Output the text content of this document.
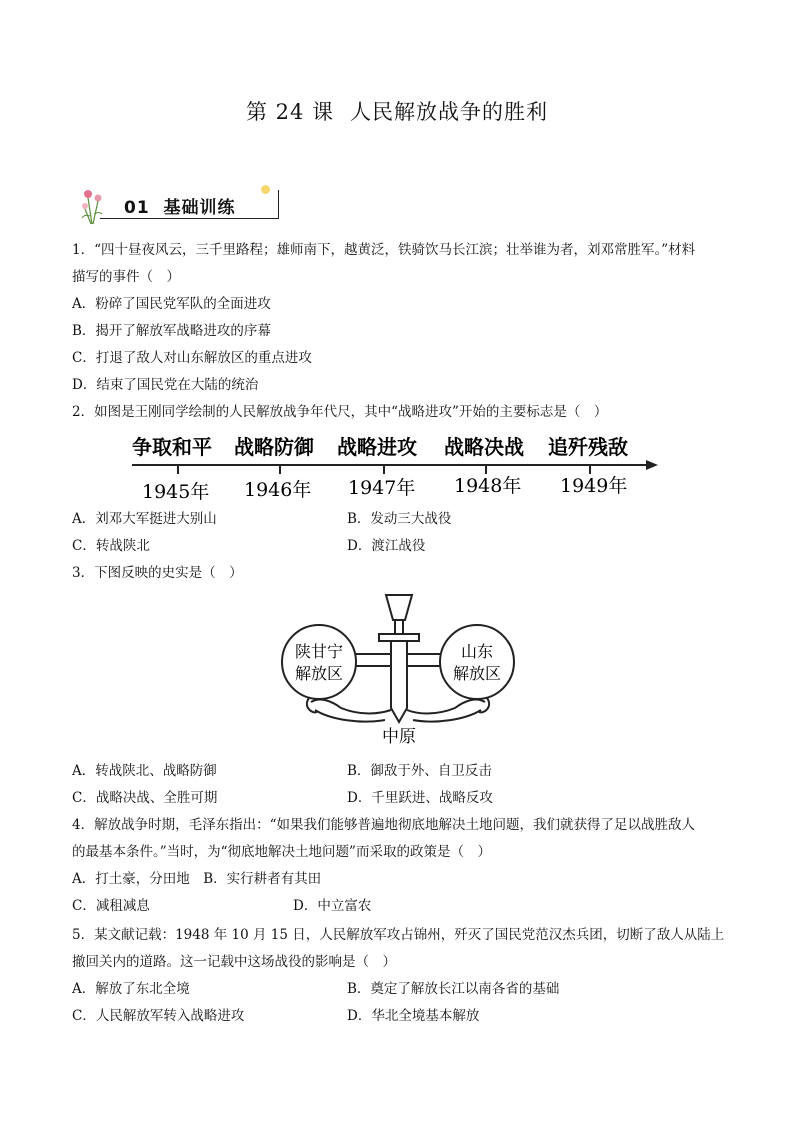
第 24 课 人民解放战争的胜利
01 基础训练
1．“四十昼夜风云，三千里路程；雄师南下，越黄泛，铁骑饮马长江滨；壮举谁为者，刘邓常胜军。”材料
描写的事件（　）
A．粉碎了国民党军队的全面进攻
B．揭开了解放军战略进攻的序幕
C．打退了敌人对山东解放区的重点进攻
D．结束了国民党在大陆的统治
2．如图是王刚同学绘制的人民解放战争年代尺，其中“战略进攻”开始的主要标志是（　）
争取和平 战略防御 战略进攻 战略决战 追歼残敌
1945年 1946年 1947年 1948年 1949年
A．刘邓大军挺进大别山	B．发动三大战役
C．转战陕北	D．渡江战役
3．下图反映的史实是（　）
陕甘宁
解放区
山东
解放区
中原
A．转战陕北、战略防御	B．御敌于外、自卫反击
C．战略决战、全胜可期	D．千里跃进、战略反攻
4．解放战争时期，毛泽东指出：“如果我们能够普遍地彻底地解决土地问题，我们就获得了足以战胜敌人
的最基本条件。”当时，为“彻底地解决土地问题”而采取的政策是（　）
A．打土豪，分田地　B．实行耕者有其田
C．减租减息	D．中立富农
5．某文献记载：1948 年 10 月 15 日，人民解放军攻占锦州，歼灭了国民党范汉杰兵团，切断了敌人从陆上
撤回关内的道路。这一记载中这场战役的影响是（　）
A．解放了东北全境	B．奠定了解放长江以南各省的基础
C．人民解放军转入战略进攻	D．华北全境基本解放
